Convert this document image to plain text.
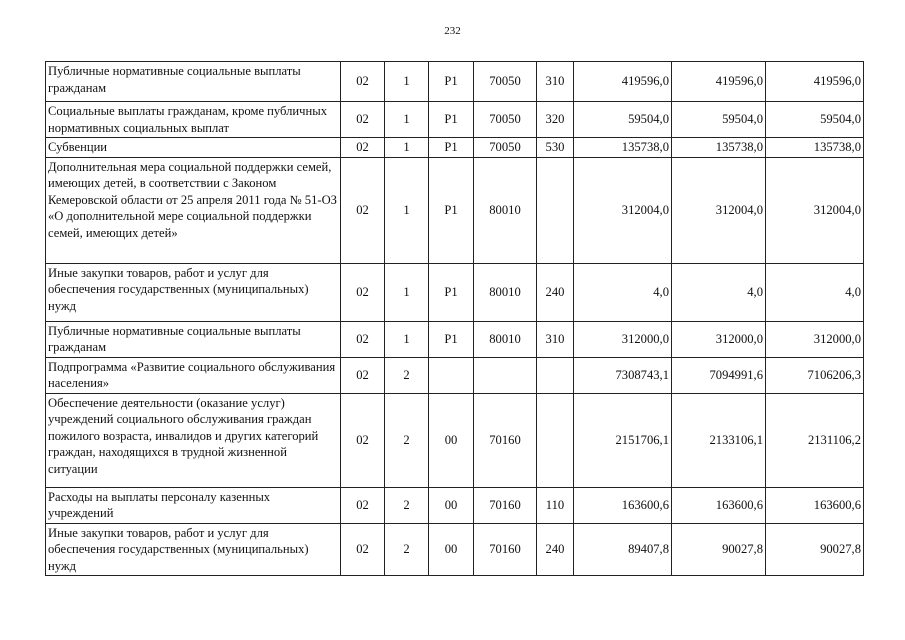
232
Публичные нормативные социальные выплаты гражданам	02	1	Р1	70050	310	419596,0	419596,0	419596,0
Социальные выплаты гражданам, кроме публичных нормативных социальных выплат	02	1	Р1	70050	320	59504,0	59504,0	59504,0
Субвенции	02	1	Р1	70050	530	135738,0	135738,0	135738,0
Дополнительная мера социальной поддержки семей, имеющих детей, в соответствии с Законом Кемеровской области от 25 апреля 2011 года № 51-ОЗ «О дополнительной мере социальной поддержки семей, имеющих детей»	02	1	Р1	80010		312004,0	312004,0	312004,0
Иные закупки товаров, работ и услуг для обеспечения государственных (муниципальных) нужд	02	1	Р1	80010	240	4,0	4,0	4,0
Публичные нормативные социальные выплаты гражданам	02	1	Р1	80010	310	312000,0	312000,0	312000,0
Подпрограмма «Развитие социального обслуживания населения»	02	2				7308743,1	7094991,6	7106206,3
Обеспечение деятельности (оказание услуг) учреждений социального обслуживания граждан пожилого возраста, инвалидов и других категорий граждан, находящихся в трудной жизненной ситуации	02	2	00	70160		2151706,1	2133106,1	2131106,2
Расходы на выплаты персоналу казенных учреждений	02	2	00	70160	110	163600,6	163600,6	163600,6
Иные закупки товаров, работ и услуг для обеспечения государственных (муниципальных) нужд	02	2	00	70160	240	89407,8	90027,8	90027,8
